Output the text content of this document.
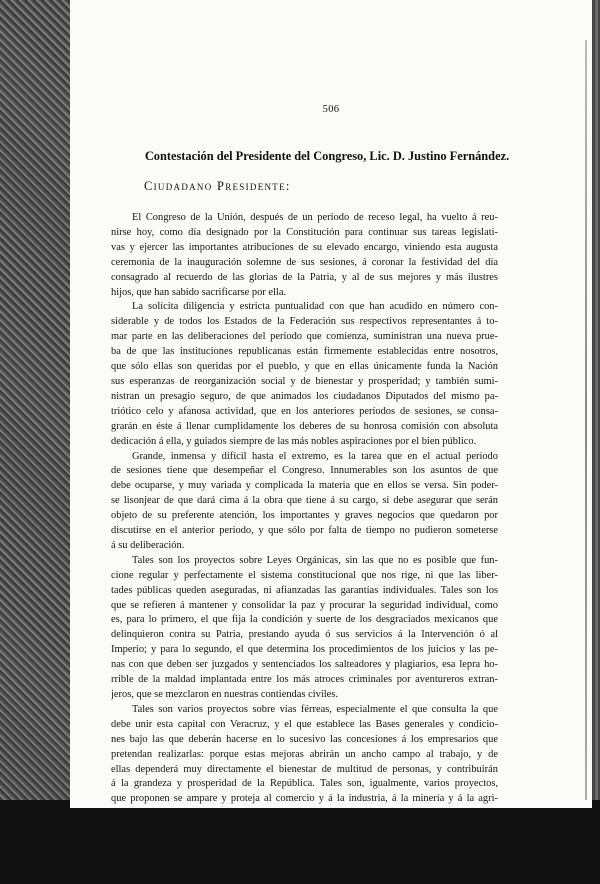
506
Contestación del Presidente del Congreso, Lic. D. Justino Fernández.
Ciudadano Presidente:
El Congreso de la Unión, después de un período de receso legal, ha vuelto á reu-
nirse hoy, como día designado por la Constitución para continuar sus tareas legislati-
vas y ejercer las importantes atribuciones de su elevado encargo, viniendo esta augusta
ceremonia de la inauguración solemne de sus sesiones, á coronar la festividad del día
consagrado al recuerdo de las glorias de la Patria, y al de sus mejores y más ilustres
hijos, que han sabido sacrificarse por ella.
La solícita diligencia y estricta puntualidad con que han acudido en número con-
siderable y de todos los Estados de la Federación sus respectivos representantes á to-
mar parte en las deliberaciones del período que comienza, suministran una nueva prue-
ba de que las instituciones republicanas están firmemente establecidas entre nosotros,
que sólo ellas son queridas por el pueblo, y que en ellas únicamente funda la Nación
sus esperanzas de reorganización social y de bienestar y prosperidad; y también sumi-
nistran un presagio seguro, de que animados los ciudadanos Diputados del mismo pa-
triótico celo y afanosa actividad, que en los anteriores períodos de sesiones, se consa-
grarán en éste á llenar cumplidamente los deberes de su honrosa comisión con absoluta
dedicación á ella, y guiados siempre de las más nobles aspiraciones por el bien público.
Grande, inmensa y difícil hasta el extremo, es la tarea que en el actual período
de sesiones tiene que desempeñar el Congreso. Innumerables son los asuntos de que
debe ocuparse, y muy variada y complicada la materia que en ellos se versa. Sin poder-
se lisonjear de que dará cima á la obra que tiene á su cargo, sí debe asegurar que serán
objeto de su preferente atención, los importantes y graves negocios que quedaron por
discutirse en el anterior período, y que sólo por falta de tiempo no pudieron someterse
á su deliberación.
Tales son los proyectos sobre Leyes Orgánicas, sin las que no es posible que fun-
cione regular y perfectamente el sistema constitucional que nos rige, ni que las liber-
tades públicas queden aseguradas, ni afianzadas las garantías individuales. Tales son los
que se refieren á mantener y consolidar la paz y procurar la seguridad individual, como
es, para lo primero, el que fija la condición y suerte de los desgraciados mexicanos que
delinquieron contra su Patria, prestando ayuda ó sus servicios á la Intervención ó al
Imperio; y para lo segundo, el que determina los procedimientos de los juicios y las pe-
nas con que deben ser juzgados y sentenciados los salteadores y plagiarios, esa lepra ho-
rrible de la maldad implantada entre los más atroces criminales por aventureros extran-
jeros, que se mezclaron en nuestras contiendas civiles.
Tales son varios proyectos sobre vías férreas, especialmente el que consulta la que
debe unir esta capital con Veracruz, y el que establece las Bases generales y condicio-
nes bajo las que deberán hacerse en lo sucesivo las concesiones á los empresarios que
pretendan realizarlas: porque estas mejoras abrirán un ancho campo al trabajo, y de
ellas dependerá muy directamente el bienestar de multitud de personas, y contribuirán
á la grandeza y prosperidad de la República. Tales son, igualmente, varios proyectos,
que proponen se ampare y proteja al comercio y á la industria, á la minería y á la agri-
